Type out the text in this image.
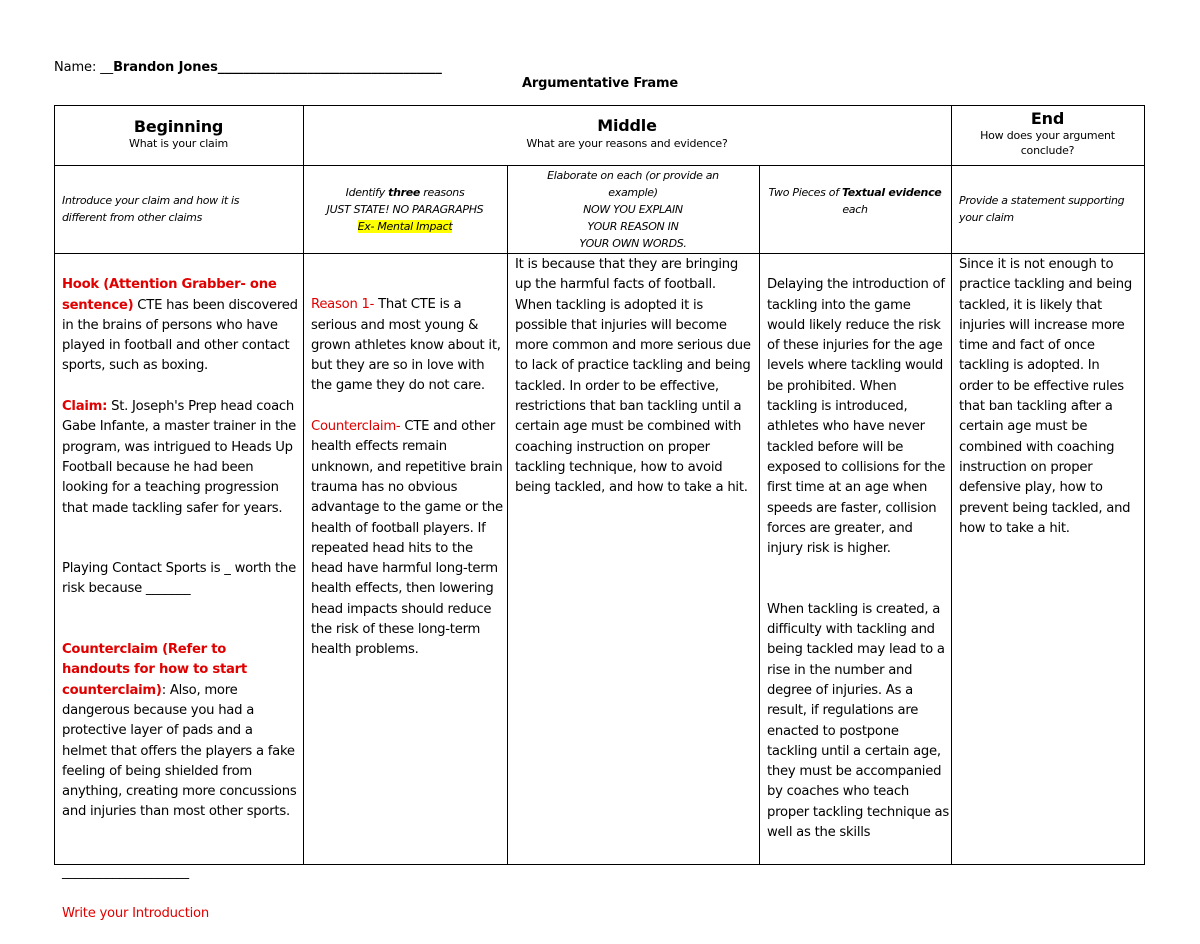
Name: __Brandon Jones___________________________________
Argumentative Frame
Beginning
What is your claim
Middle
What are your reasons and evidence?
End
How does your argument conclude?
Introduce your claim and how it is different from other claims
Identify three reasons
JUST STATE! NO PARAGRAPHS
Ex- Mental Impact
Elaborate on each (or provide an example)
NOW YOU EXPLAIN
YOUR REASON IN
YOUR OWN WORDS.
Two Pieces of Textual evidence each
Provide a statement supporting your claim

Hook (Attention Grabber- one sentence) CTE has been discovered in the brains of persons who have played in football and other contact sports, such as boxing.

Claim: St. Joseph's Prep head coach Gabe Infante, a master trainer in the program, was intrigued to Heads Up Football because he had been looking for a teaching progression that made tackling safer for years.

Playing Contact Sports is _ worth the risk because _______

Counterclaim (Refer to handouts for how to start counterclaim): Also, more dangerous because you had a protective layer of pads and a helmet that offers the players a fake feeling of being shielded from anything, creating more concussions and injuries than most other sports.

____________________

Write your Introduction

Reason 1- That CTE is a serious and most young & grown athletes know about it, but they are so in love with the game they do not care.

Counterclaim- CTE and other health effects remain unknown, and repetitive brain trauma has no obvious advantage to the game or the health of football players. If repeated head hits to the head have harmful long-term health effects, then lowering head impacts should reduce the risk of these long-term health problems.

It is because that they are bringing up the harmful facts of football. When tackling is adopted it is possible that injuries will become more common and more serious due to lack of practice tackling and being tackled. In order to be effective, restrictions that ban tackling until a certain age must be combined with coaching instruction on proper tackling technique, how to avoid being tackled, and how to take a hit.

Delaying the introduction of tackling into the game would likely reduce the risk of these injuries for the age levels where tackling would be prohibited. When tackling is introduced, athletes who have never tackled before will be exposed to collisions for the first time at an age when speeds are faster, collision forces are greater, and injury risk is higher.

When tackling is created, a difficulty with tackling and being tackled may lead to a rise in the number and degree of injuries. As a result, if regulations are enacted to postpone tackling until a certain age, they must be accompanied by coaches who teach proper tackling technique as well as the skills

Since it is not enough to practice tackling and being tackled, it is likely that injuries will increase more time and fact of once tackling is adopted. In order to be effective rules that ban tackling after a certain age must be combined with coaching instruction on proper defensive play, how to prevent being tackled, and how to take a hit.
